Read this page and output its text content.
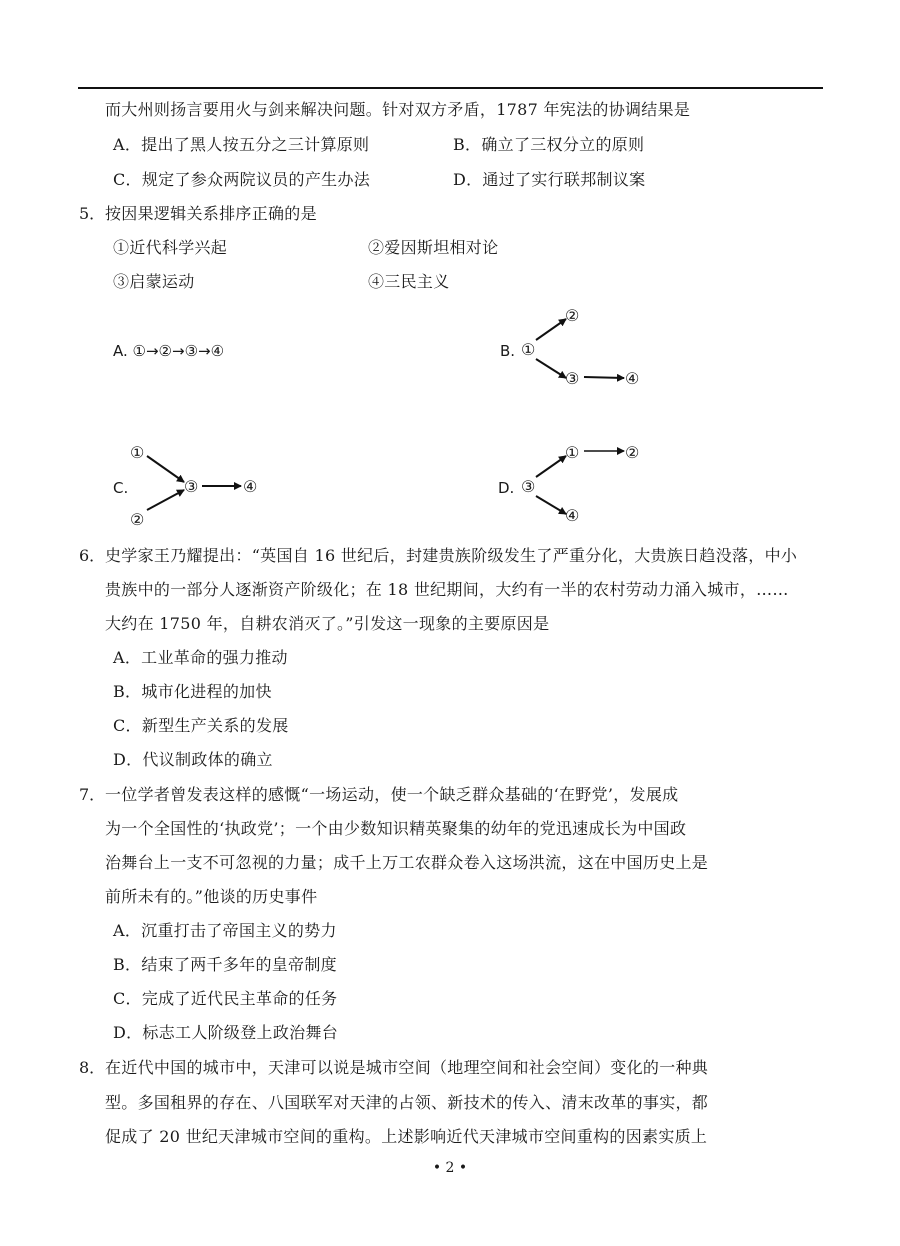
而大州则扬言要用火与剑来解决问题。针对双方矛盾，1787 年宪法的协调结果是
A．提出了黑人按五分之三计算原则	B．确立了三权分立的原则
C．规定了参众两院议员的产生办法	D．通过了实行联邦制议案
5． 按因果逻辑关系排序正确的是
①近代科学兴起	②爱因斯坦相对论
③启蒙运动	④三民主义
A. ①→②→③→④	B. ①
②
③	④
C.
①
②
③	④	D. ③
①	②
④
6． 史学家王乃耀提出：“英国自 16 世纪后，封建贵族阶级发生了严重分化，大贵族日趋没落，中小
贵族中的一部分人逐渐资产阶级化；在 18 世纪期间，大约有一半的农村劳动力涌入城市，……
大约在 1750 年，自耕农消灭了。”引发这一现象的主要原因是
A．工业革命的强力推动
B．城市化进程的加快
C．新型生产关系的发展
D．代议制政体的确立
7． 一位学者曾发表这样的感慨“一场运动，使一个缺乏群众基础的‘在野党’，发展成
为一个全国性的‘执政党’；一个由少数知识精英聚集的幼年的党迅速成长为中国政
治舞台上一支不可忽视的力量；成千上万工农群众卷入这场洪流，这在中国历史上是
前所未有的。”他谈的历史事件
A．沉重打击了帝国主义的势力
B．结束了两千多年的皇帝制度
C．完成了近代民主革命的任务
D．标志工人阶级登上政治舞台
8． 在近代中国的城市中，天津可以说是城市空间（地理空间和社会空间）变化的一种典
型。多国租界的存在、八国联军对天津的占领、新技术的传入、清末改革的事实，都
促成了 20 世纪天津城市空间的重构。上述影响近代天津城市空间重构的因素实质上
• 2 •
